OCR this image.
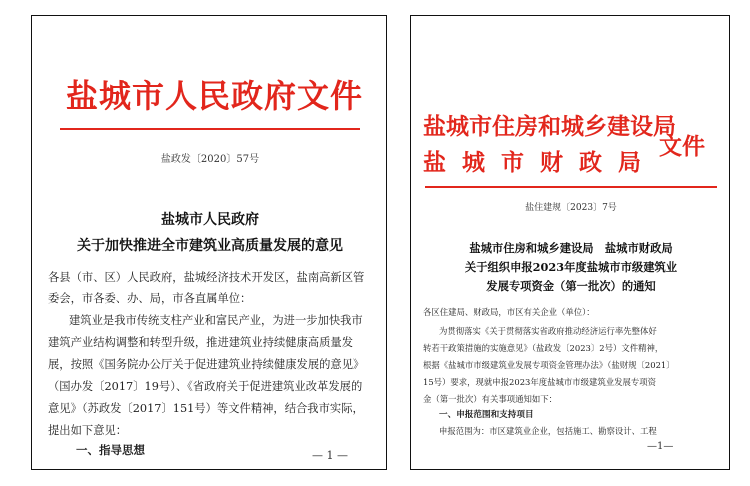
盐城市人民政府文件
盐政发〔2020〕57号
盐城市人民政府
关于加快推进全市建筑业高质量发展的意见
各县（市、区）人民政府，盐城经济技术开发区，盐南高新区管
委会，市各委、办、局，市各直属单位：
建筑业是我市传统支柱产业和富民产业，为进一步加快我市
建筑产业结构调整和转型升级，推进建筑业持续健康高质量发
展，按照《国务院办公厅关于促进建筑业持续健康发展的意见》
（国办发〔2017〕19号）、《省政府关于促进建筑业改革发展的
意见》（苏政发〔2017〕151号）等文件精神，结合我市实际，
提出如下意见：
一、指导思想	— 1 —
盐城市住房和城乡建设局
盐 城 市 财 政 局
文件
盐住建规〔2023〕7号
盐城市住房和城乡建设局　盐城市财政局
关于组织申报2023年度盐城市市级建筑业
发展专项资金（第一批次）的通知
各区住建局、财政局，市区有关企业（单位）：
为贯彻落实《关于贯彻落实省政府推动经济运行率先整体好
转若干政策措施的实施意见》（盐政发〔2023〕2号）文件精神，
根据《盐城市市级建筑业发展专项资金管理办法》（盐财规〔2021〕
15号）要求，现就申报2023年度盐城市市级建筑业发展专项资
金（第一批次）有关事项通知如下：
一、申报范围和支持项目
申报范围为：市区建筑业企业，包括施工、勘察设计、工程
—1—
